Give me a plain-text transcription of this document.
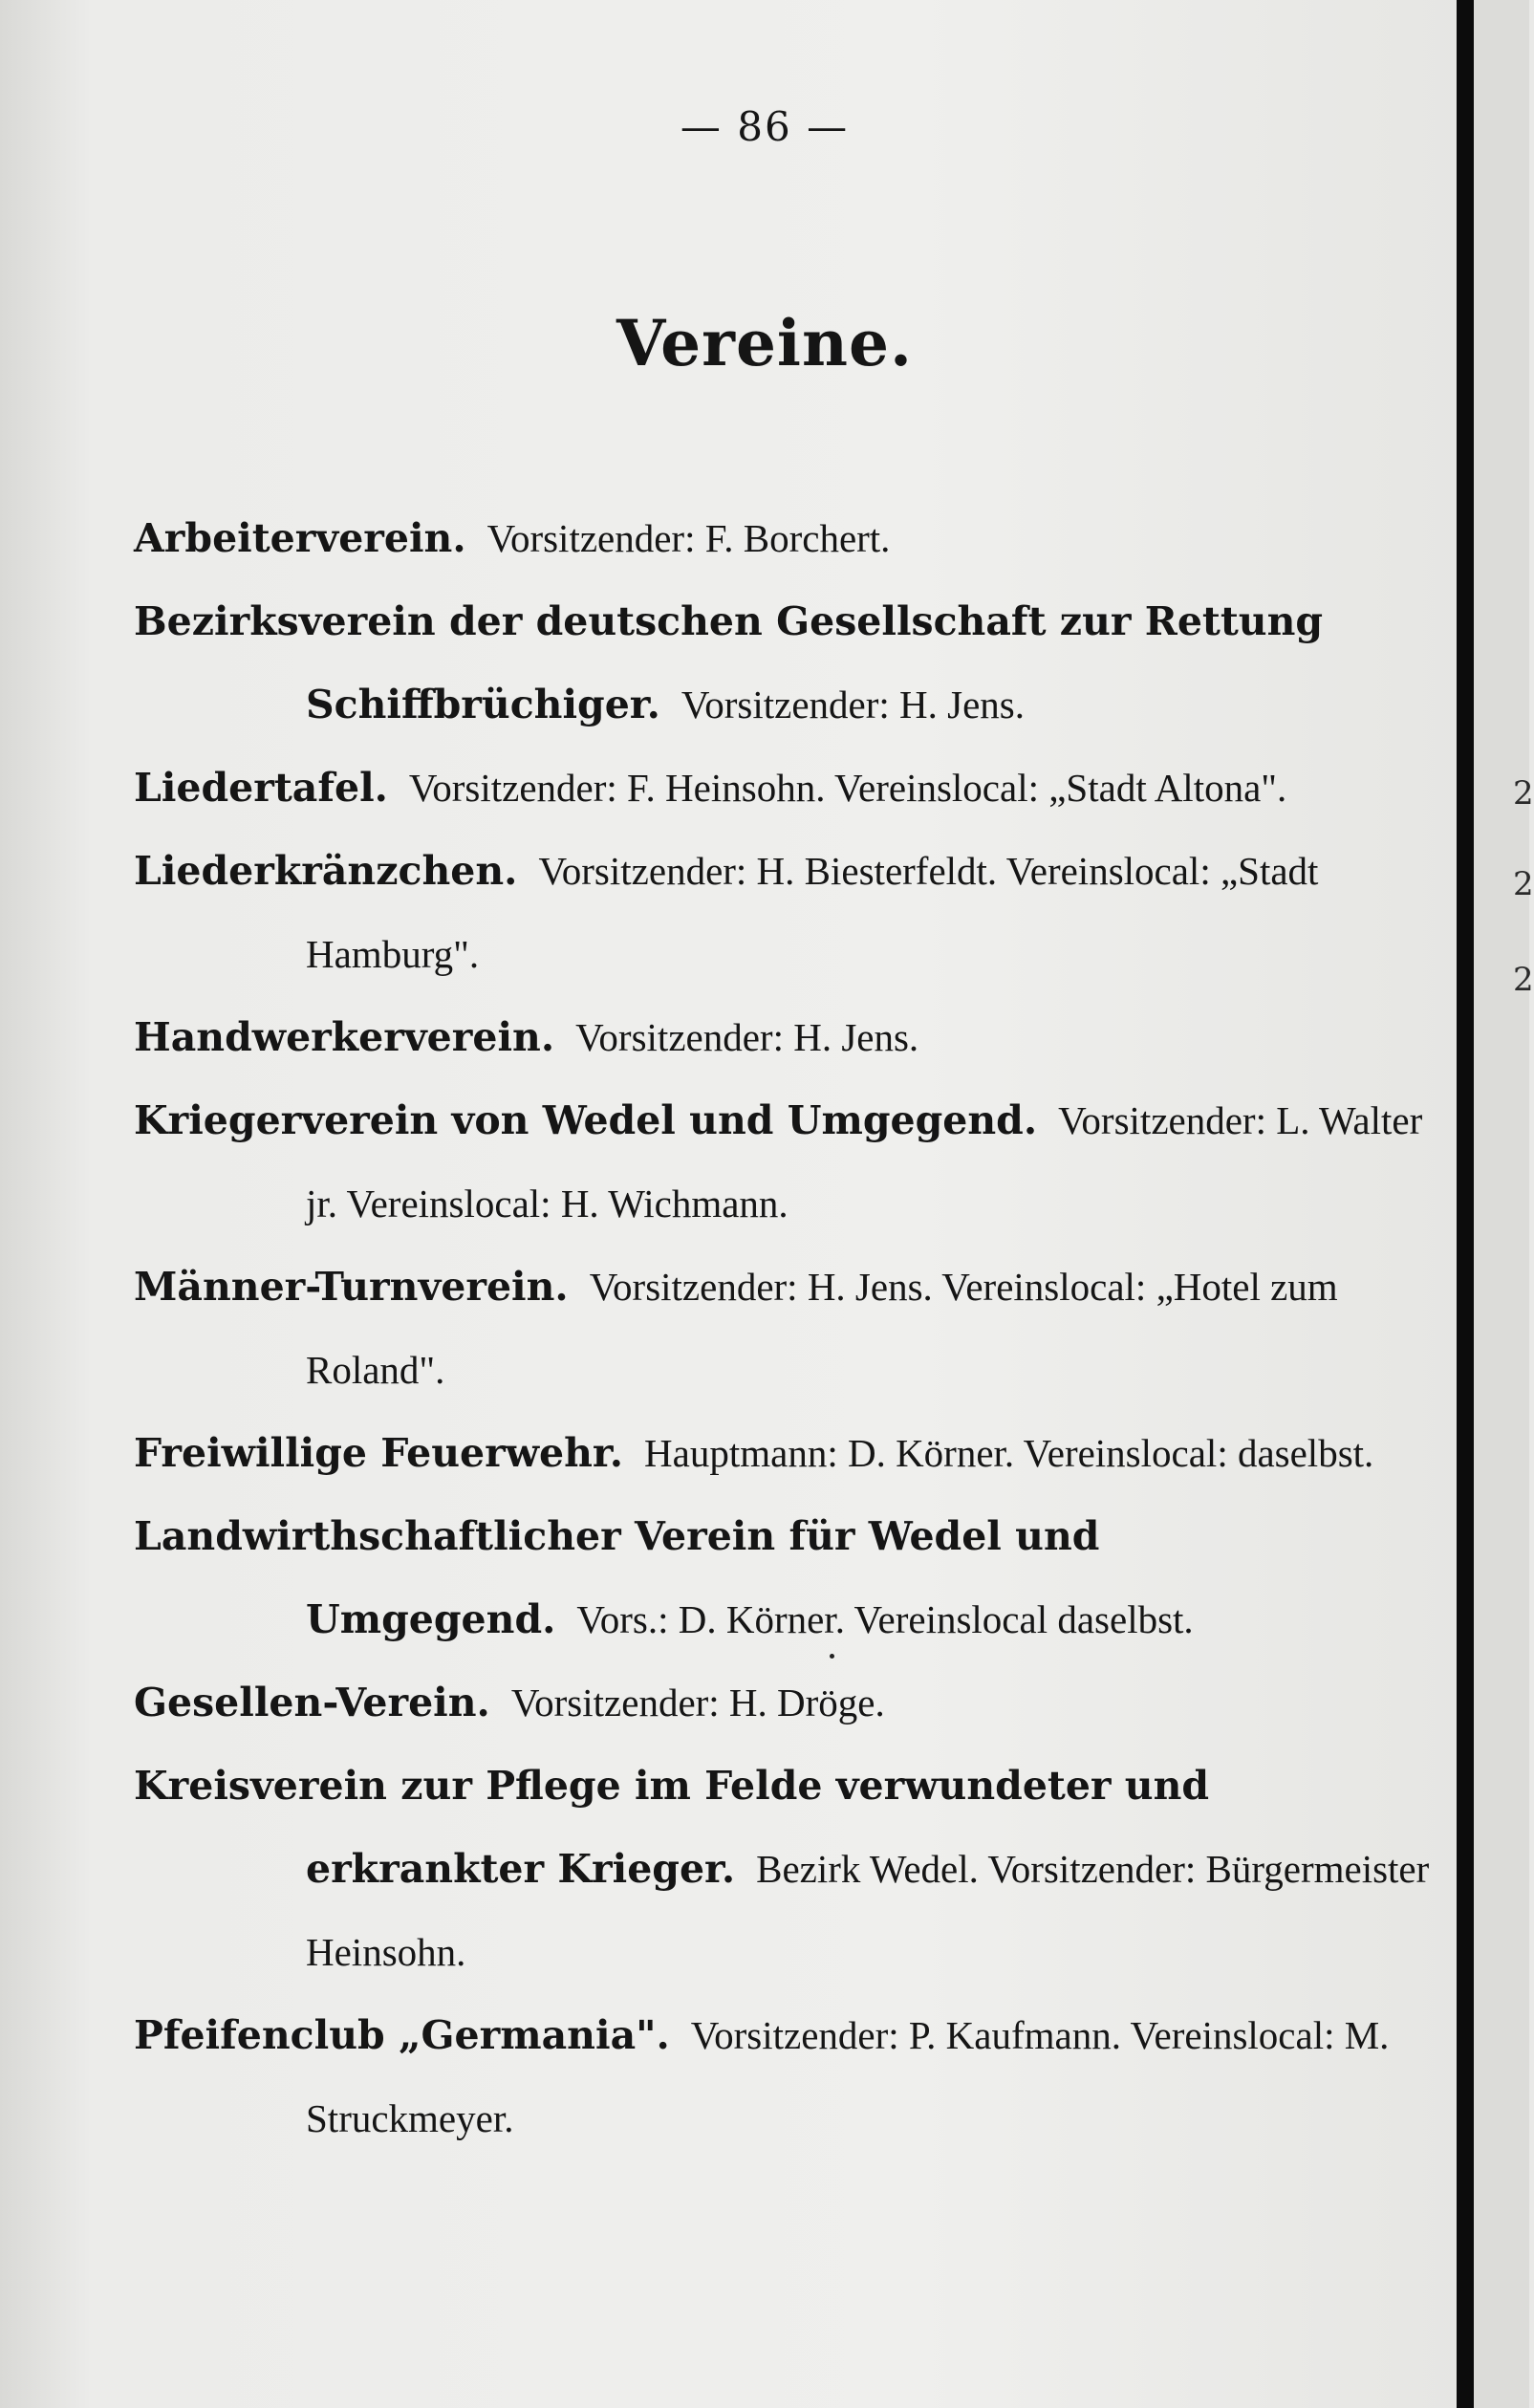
2
2
2
— 86 —
Vereine.
Arbeiterverein. Vorsitzender: F. Borchert.
Bezirksverein der deutschen Gesellschaft zur Rettung Schiffbrüchiger. Vorsitzender: H. Jens.
Liedertafel. Vorsitzender: F. Heinsohn. Vereinslocal: „Stadt Altona".
Liederkränzchen. Vorsitzender: H. Biesterfeldt. Vereinslocal: „Stadt Hamburg".
Handwerkerverein. Vorsitzender: H. Jens.
Kriegerverein von Wedel und Umgegend. Vorsitzender: L. Walter jr. Vereinslocal: H. Wichmann.
Männer-Turnverein. Vorsitzender: H. Jens. Vereinslocal: „Hotel zum Roland".
Freiwillige Feuerwehr. Hauptmann: D. Körner. Vereinslocal: daselbst.
Landwirthschaftlicher Verein für Wedel und Umgegend. Vors.: D. Körner. Vereinslocal daselbst.
Gesellen-Verein. Vorsitzender: H. Dröge.
Kreisverein zur Pflege im Felde verwundeter und erkrankter Krieger. Bezirk Wedel. Vorsitzender: Bürgermeister Heinsohn.
Pfeifenclub „Germania". Vorsitzender: P. Kaufmann. Vereinslocal: M. Struckmeyer.
